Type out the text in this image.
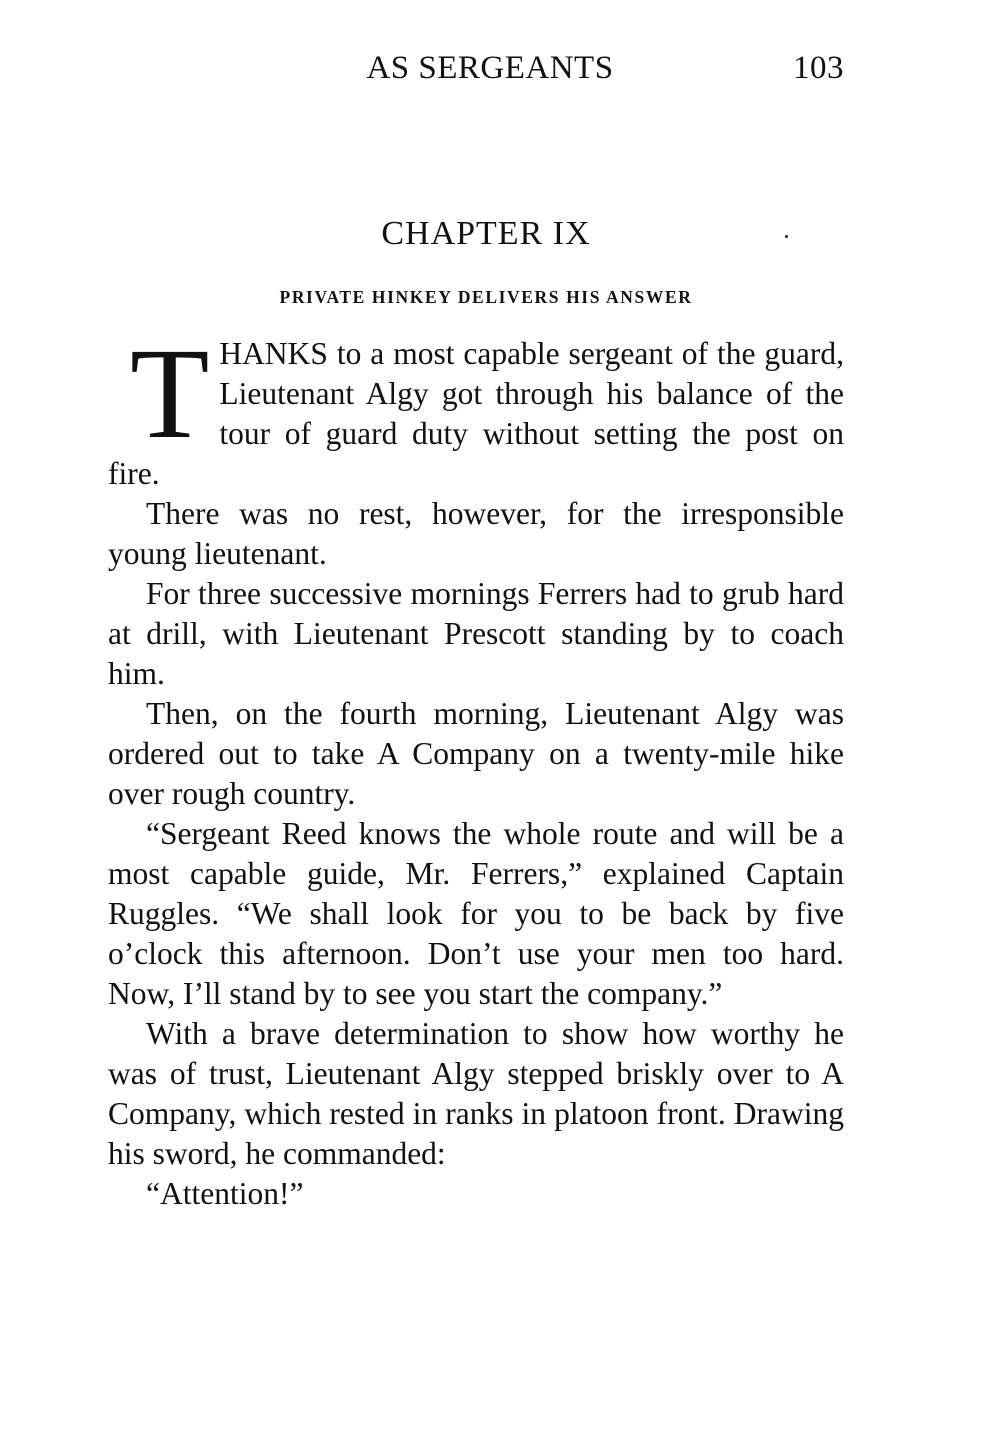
AS SERGEANTS	103
CHAPTER IX
PRIVATE HINKEY DELIVERS HIS ANSWER

THANKS to a most capable sergeant of the guard, Lieutenant Algy got through his balance of the tour of guard duty without setting the post on fire.

There was no rest, however, for the irresponsible young lieutenant.

For three successive mornings Ferrers had to grub hard at drill, with Lieutenant Prescott standing by to coach him.

Then, on the fourth morning, Lieutenant Algy was ordered out to take A Company on a twenty-mile hike over rough country.

“Sergeant Reed knows the whole route and will be a most capable guide, Mr. Ferrers,” explained Captain Ruggles. “We shall look for you to be back by five o’clock this afternoon. Don’t use your men too hard. Now, I’ll stand by to see you start the company.”

With a brave determination to show how worthy he was of trust, Lieutenant Algy stepped briskly over to A Company, which rested in ranks in platoon front. Drawing his sword, he commanded:

“Attention!”
